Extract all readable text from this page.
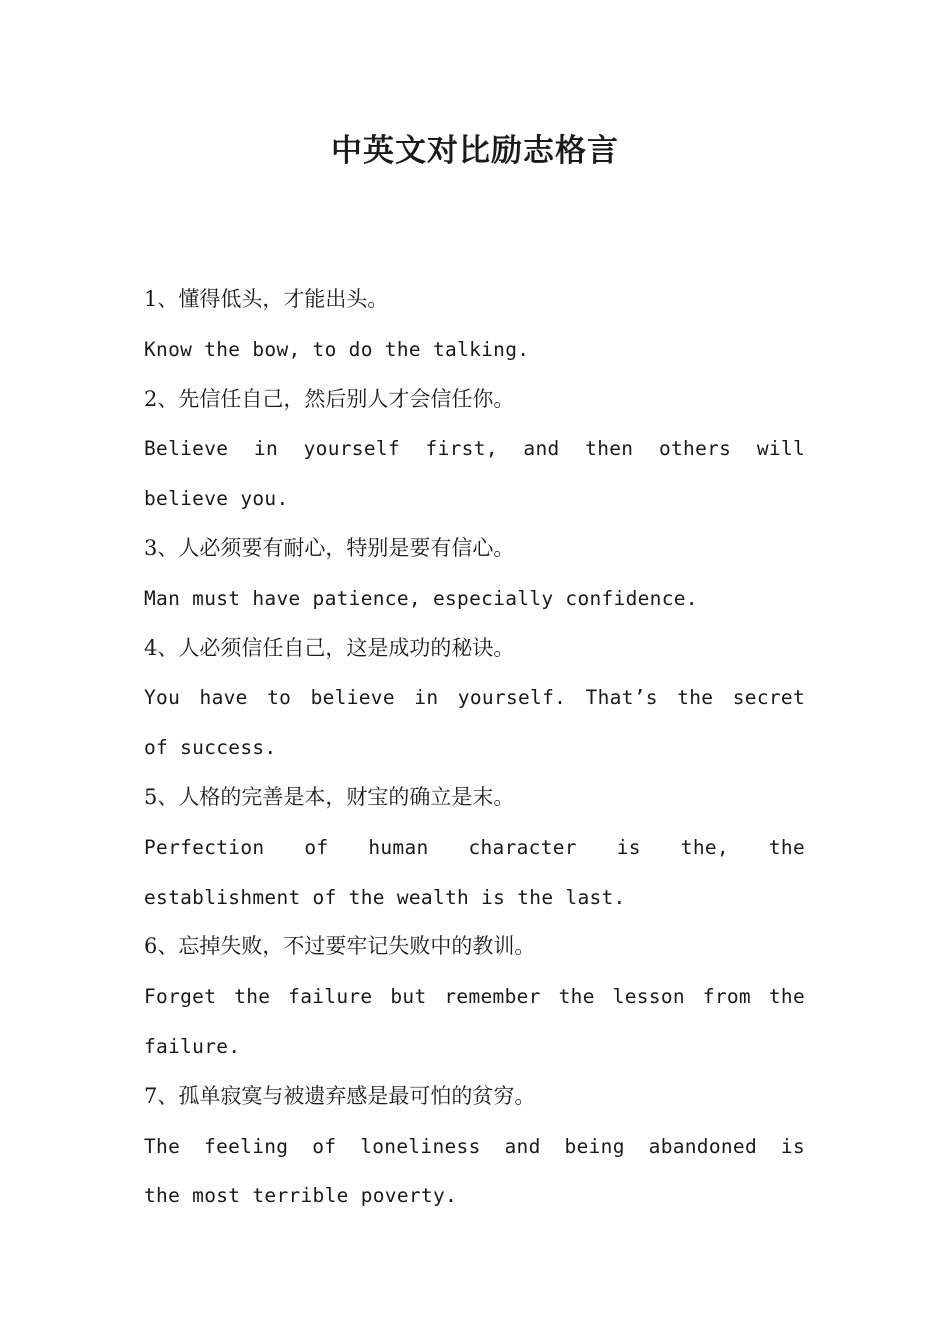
中英文对比励志格言
1、懂得低头，才能出头。
Know the bow, to do the talking.
2、先信任自己，然后别人才会信任你。
Believe in yourself first, and then others will
believe you.
3、人必须要有耐心，特别是要有信心。
Man must have patience, especially confidence.
4、人必须信任自己，这是成功的秘诀。
You have to believe in yourself. That’s the secret
of success.
5、人格的完善是本，财宝的确立是末。
Perfection of human character is the, the
establishment of the wealth is the last.
6、忘掉失败，不过要牢记失败中的教训。
Forget the failure but remember the lesson from the
failure.
7、孤单寂寞与被遗弃感是最可怕的贫穷。
The feeling of loneliness and being abandoned is
the most terrible poverty.
